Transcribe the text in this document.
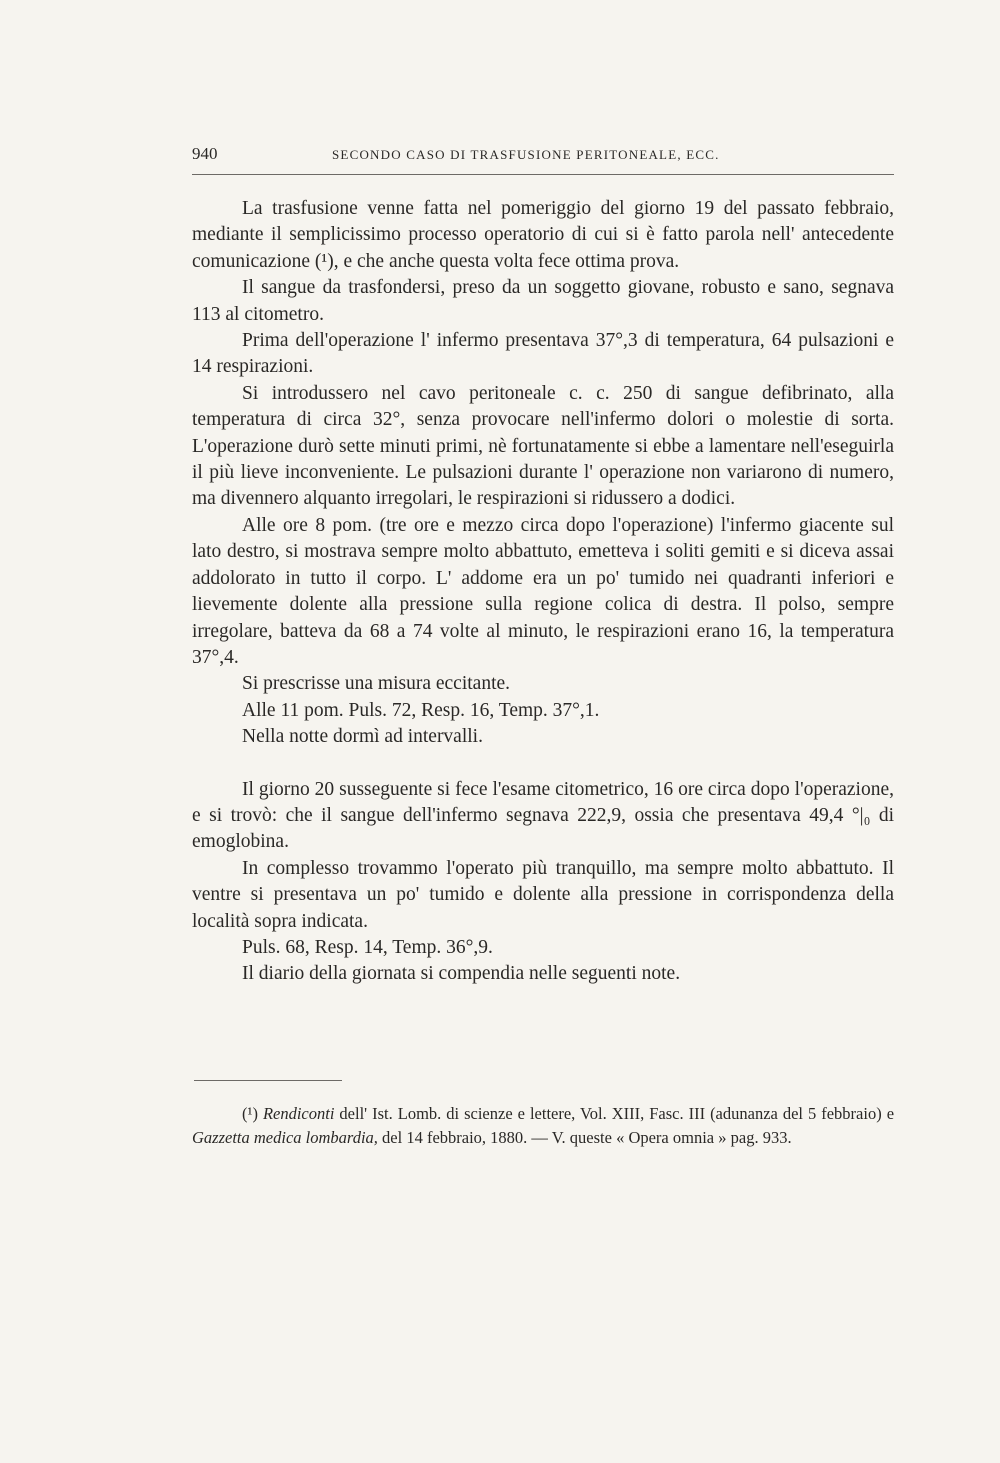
940	SECONDO CASO DI TRASFUSIONE PERITONEALE, ECC.

La trasfusione venne fatta nel pomeriggio del giorno 19 del passato febbraio, mediante il semplicissimo processo operatorio di cui si è fatto parola nell' antecedente comunicazione (¹), e che anche questa volta fece ottima prova.

Il sangue da trasfondersi, preso da un soggetto giovane, robusto e sano, segnava 113 al citometro.

Prima dell'operazione l' infermo presentava 37°,3 di temperatura, 64 pulsazioni e 14 respirazioni.

Si introdussero nel cavo peritoneale c. c. 250 di sangue defibrinato, alla temperatura di circa 32°, senza provocare nell'infermo dolori o molestie di sorta. L'operazione durò sette minuti primi, nè fortunatamente si ebbe a lamentare nell'eseguirla il più lieve inconveniente. Le pulsazioni durante l' operazione non variarono di numero, ma divennero alquanto irregolari, le respirazioni si ridussero a dodici.

Alle ore 8 pom. (tre ore e mezzo circa dopo l'operazione) l'infermo giacente sul lato destro, si mostrava sempre molto abbattuto, emetteva i soliti gemiti e si diceva assai addolorato in tutto il corpo. L' addome era un po' tumido nei quadranti inferiori e lievemente dolente alla pressione sulla regione colica di destra. Il polso, sempre irregolare, batteva da 68 a 74 volte al minuto, le respirazioni erano 16, la temperatura 37°,4.

Si prescrisse una misura eccitante.

Alle 11 pom. Puls. 72, Resp. 16, Temp. 37°,1.

Nella notte dormì ad intervalli.

Il giorno 20 susseguente si fece l'esame citometrico, 16 ore circa dopo l'operazione, e si trovò: che il sangue dell'infermo segnava 222,9, ossia che presentava 49,4 °|₀ di emoglobina.

In complesso trovammo l'operato più tranquillo, ma sempre molto abbattuto. Il ventre si presentava un po' tumido e dolente alla pressione in corrispondenza della località sopra indicata.

Puls. 68, Resp. 14, Temp. 36°,9.

Il diario della giornata si compendia nelle seguenti note.

(¹) Rendiconti dell' Ist. Lomb. di scienze e lettere, Vol. XIII, Fasc. III (adunanza del 5 febbraio) e Gazzetta medica lombardia, del 14 febbraio, 1880. — V. queste « Opera omnia » pag. 933.
